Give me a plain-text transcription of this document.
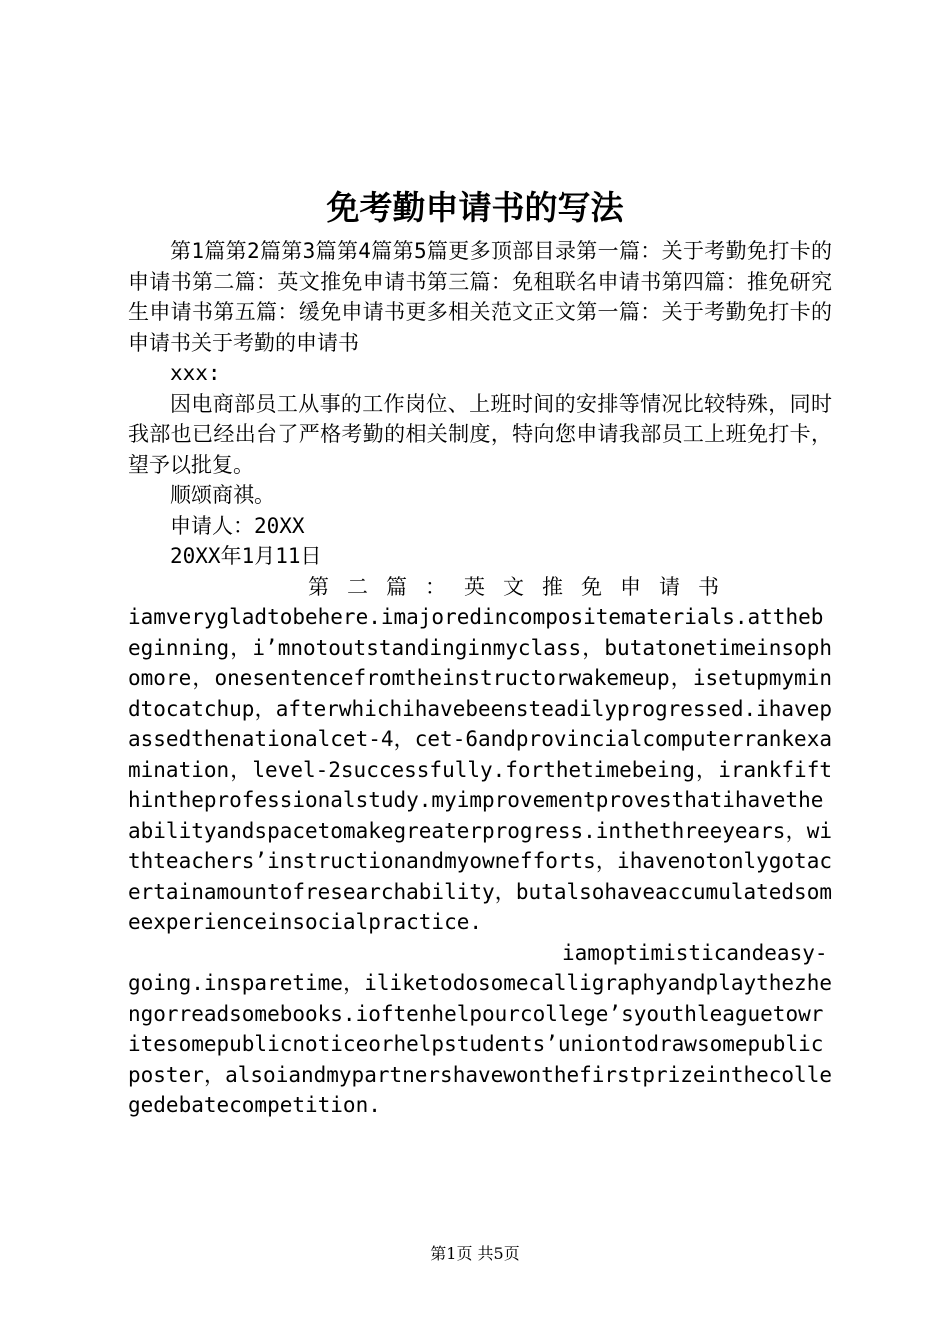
免考勤申请书的写法

第1篇第2篇第3篇第4篇第5篇更多顶部目录第一篇：关于考勤免打卡的申请书第二篇：英文推免申请书第三篇：免租联名申请书第四篇：推免研究生申请书第五篇：缓免申请书更多相关范文正文第一篇：关于考勤免打卡的申请书关于考勤的申请书

xxx:

因电商部员工从事的工作岗位、上班时间的安排等情况比较特殊，同时我部也已经出台了严格考勤的相关制度，特向您申请我部员工上班免打卡，望予以批复。

顺颂商祺。

申请人：20XX

20XX年1月11日

第二篇：英文推免申请书

iamverygladtobehere.imajoredincompositematerials.atthebeginning，i’mnotoutstandinginmyclass，butatonetimeinsophomore，onesentencefromtheinstructorwakemeup，isetupmymindtocatchup，afterwhichihavebeensteadilyprogressed.ihavepassedthenationalcet-4，cet-6andprovincialcomputerrankexamination，level-2successfully.forthetimebeing，irankfifthintheprofessionalstudy.myimprovementprovesthatihavetheabilityandspacetomakegreaterprogress.inthethreeyears，withteachers’instructionandmyownefforts，ihavenotonlygotacertainamountofresearchability，butalsohaveaccumulatedsomeexperienceinsocialpractice.

iamoptimisticandeasy-going.insparetime，iliketodosomecalligraphyandplaythezhengorreadsomebooks.ioftenhelpourcollege’syouthleaguetowritesomepublicnoticeorhelpstudents’uniontodrawsomepublicposter，alsoiandmypartnershavewonthefirstprizeinthecollegedebatecompetition.

第1页 共5页
